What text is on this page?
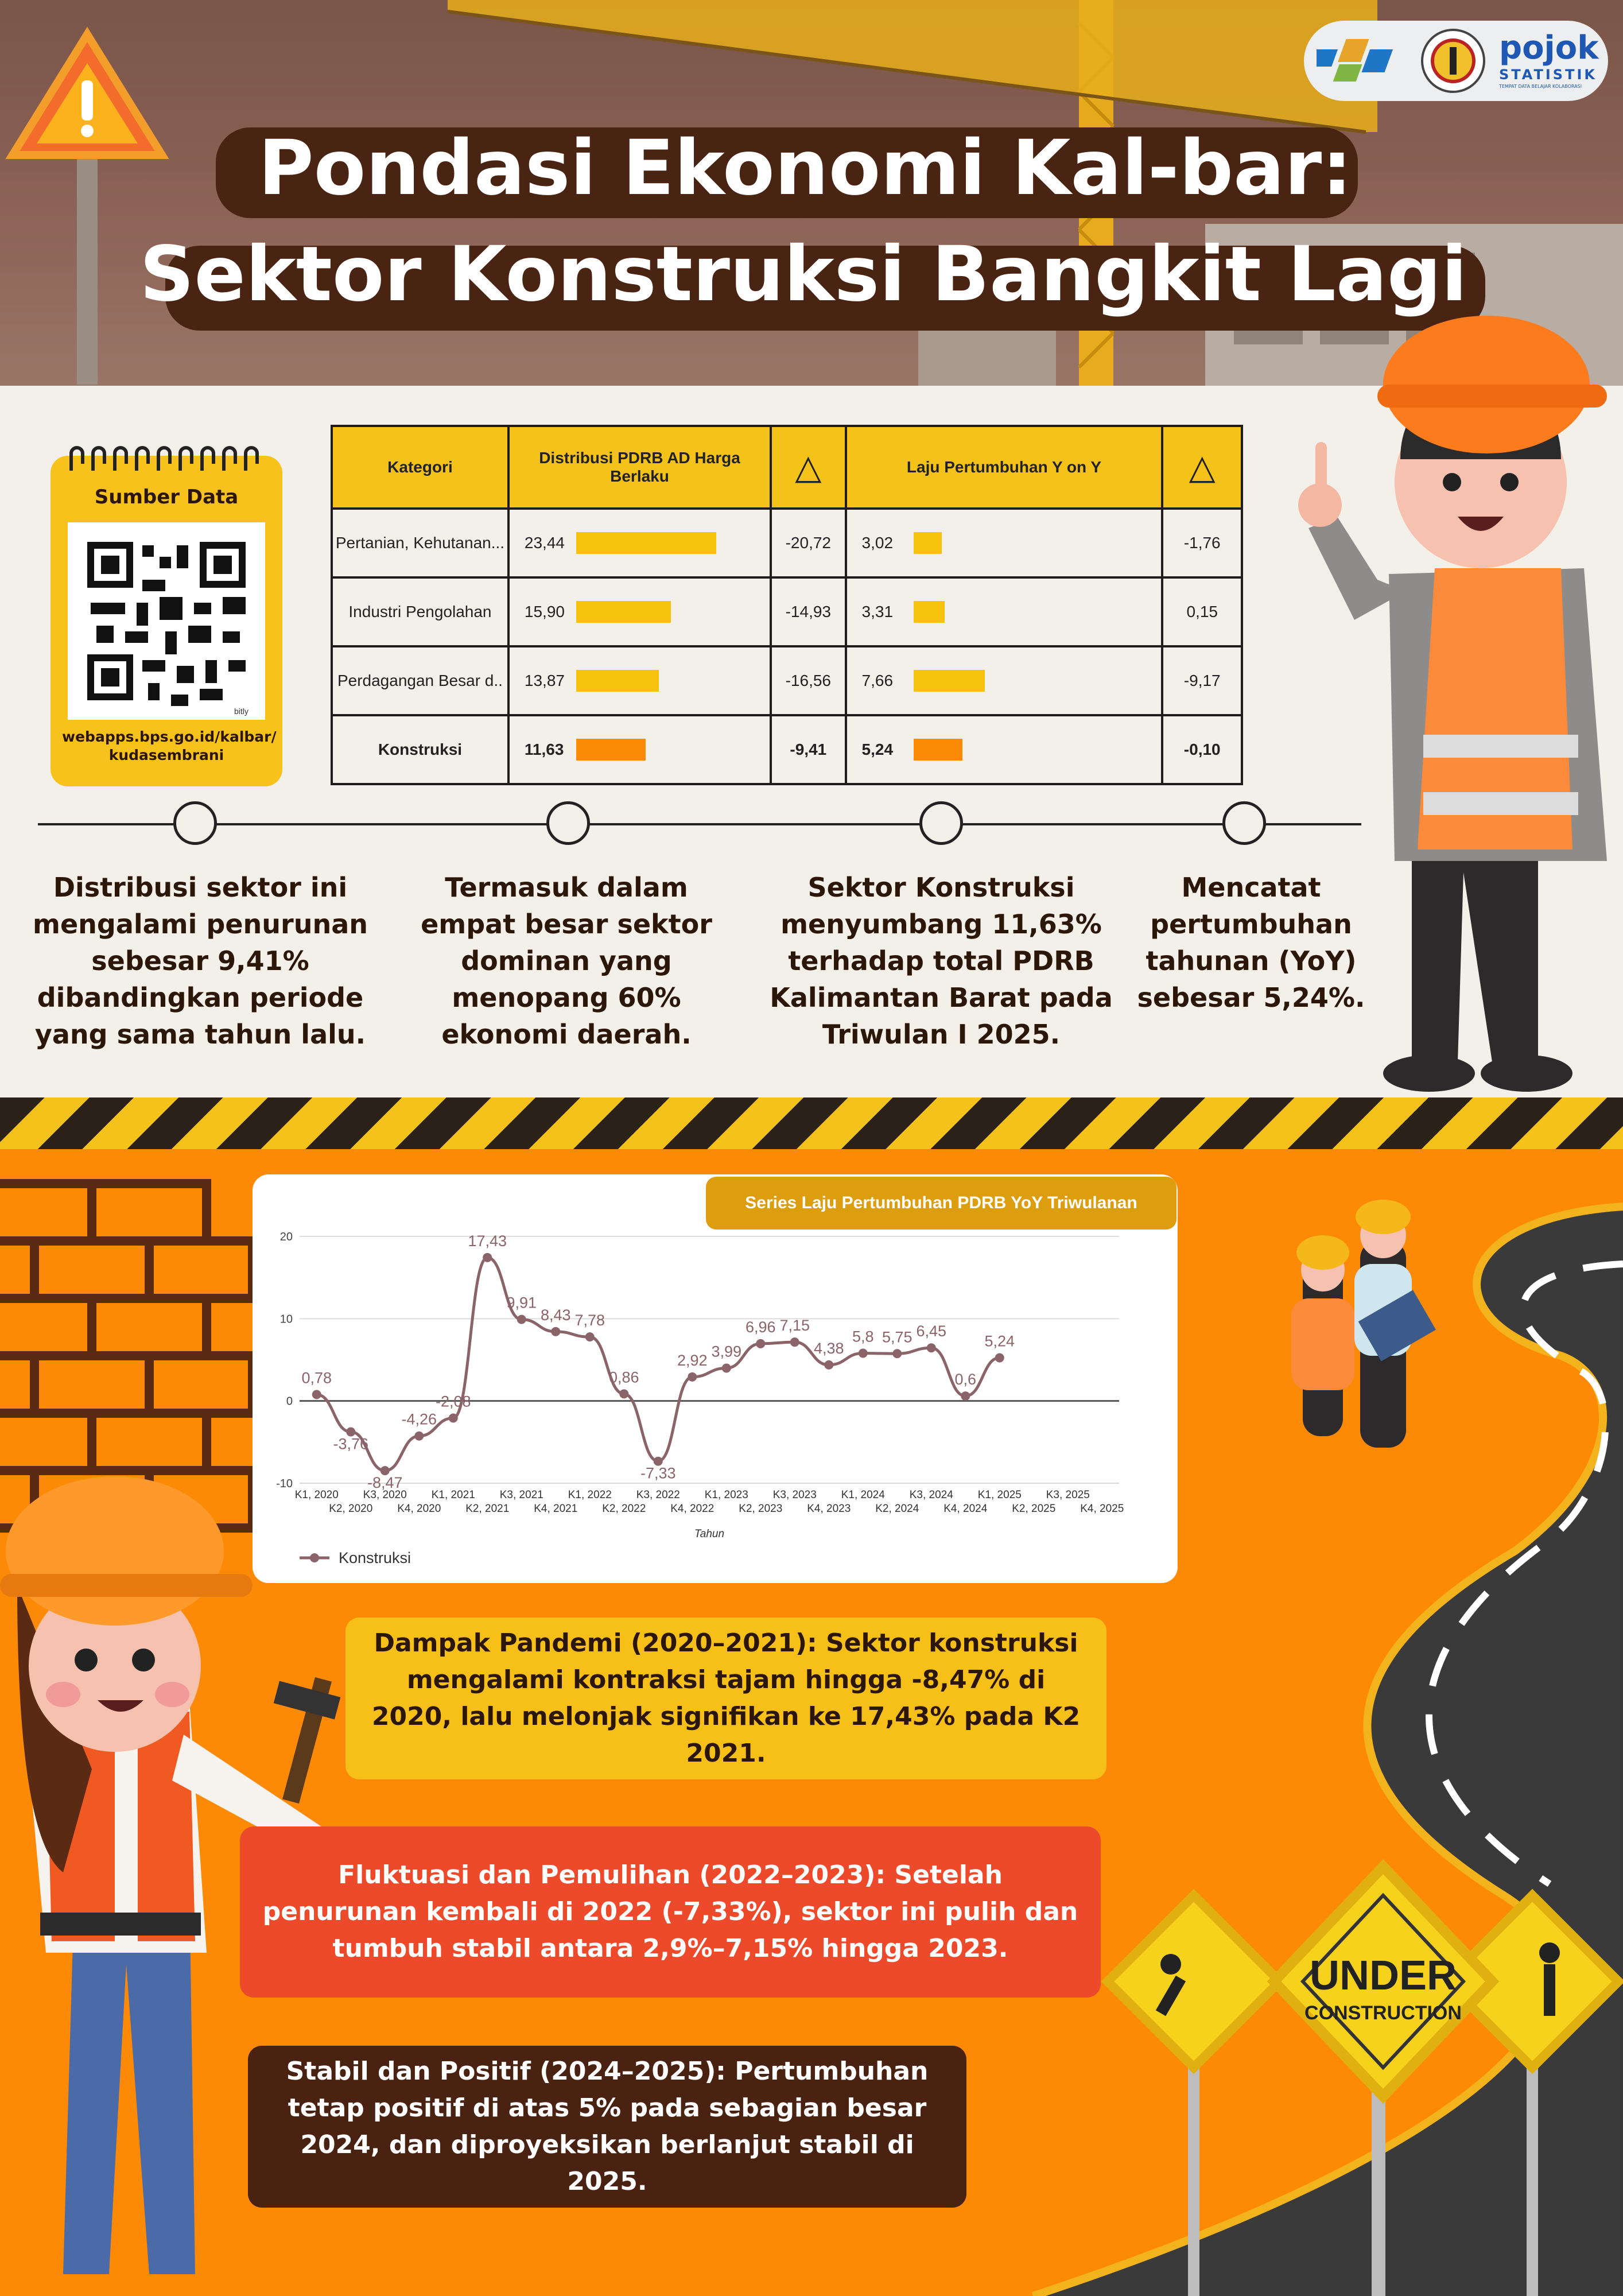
Pondasi Ekonomi Kal-bar:
Sektor Konstruksi Bangkit Lagi
pojok
STATISTIK
TEMPAT DATA BELAJAR KOLABORASI
Sumber Data
bitly
webapps.bps.go.id/kalbar/ kudasembrani
Kategori	Distribusi PDRB AD Harga Berlaku	△	Laju Pertumbuhan Y on Y	△
Pertanian, Kehutanan...	23,44	-20,72	3,02	-1,76
Industri Pengolahan	15,90	-14,93	3,31	0,15
Perdagangan Besar d..	13,87	-16,56	7,66	-9,17
Konstruksi	11,63	-9,41	5,24	-0,10
Distribusi sektor ini mengalami penurunan sebesar 9,41% dibandingkan periode yang sama tahun lalu.
Termasuk dalam empat besar sektor dominan yang menopang 60% ekonomi daerah.
Sektor Konstruksi menyumbang 11,63% terhadap total PDRB Kalimantan Barat pada Triwulan I 2025.
Mencatat pertumbuhan tahunan (YoY) sebesar 5,24%.
UNDER
CONSTRUCTION
-10
0
10
20
K1, 2020
K2, 2020
K3, 2020
K4, 2020
K1, 2021
K2, 2021
K3, 2021
K4, 2021
K1, 2022
K2, 2022
K3, 2022
K4, 2022
K1, 2023
K2, 2023
K3, 2023
K4, 2023
K1, 2024
K2, 2024
K3, 2024
K4, 2024
K1, 2025
K2, 2025
K3, 2025
K4, 2025
Tahun
0,78
-3,76
-8,47
-4,26
-2,08
17,43
9,91
8,43 7,78
0,86
-7,33
2,92
3,99
6,96 7,15
4,38
5,8 5,75 6,45
0,6
5,24
Konstruksi
Series Laju Pertumbuhan PDRB YoY Triwulanan
Dampak Pandemi (2020–2021): Sektor konstruksi mengalami kontraksi tajam hingga -8,47% di 2020, lalu melonjak signifikan ke 17,43% pada K2 2021.
Fluktuasi dan Pemulihan (2022–2023): Setelah penurunan kembali di 2022 (-7,33%), sektor ini pulih dan tumbuh stabil antara 2,9%–7,15% hingga 2023.
Stabil dan Positif (2024–2025): Pertumbuhan tetap positif di atas 5% pada sebagian besar 2024, dan diproyeksikan berlanjut stabil di 2025.
